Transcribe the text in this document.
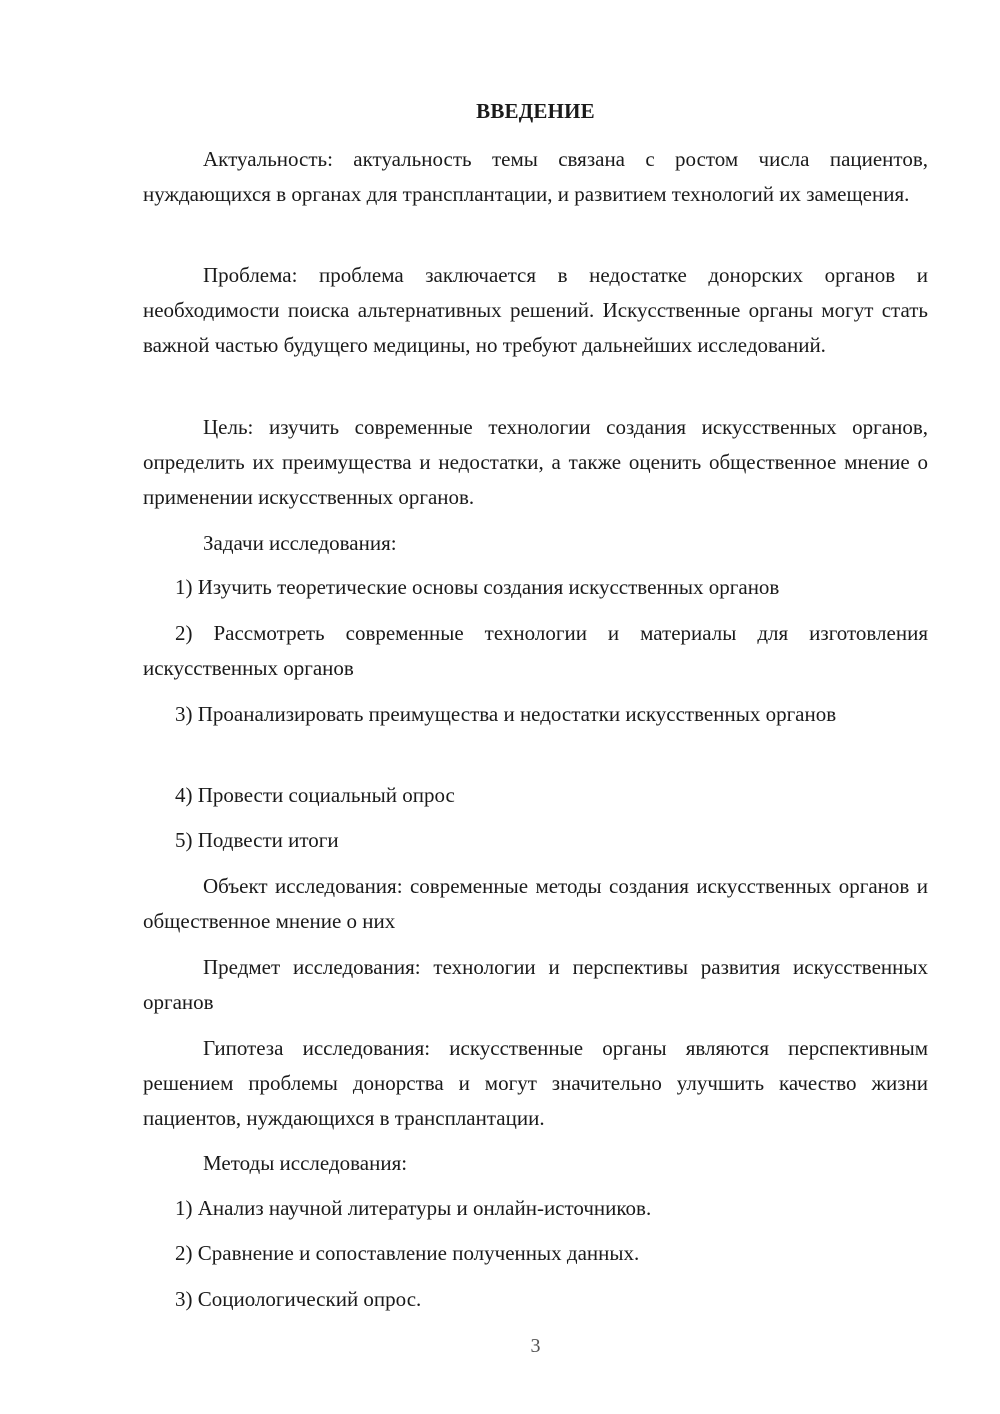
ВВЕДЕНИЕ

Актуальность: актуальность темы связана с ростом числа пациентов, нуждающихся в органах для трансплантации, и развитием технологий их замещения.

Проблема: проблема заключается в недостатке донорских органов и необходимости поиска альтернативных решений. Искусственные органы могут стать важной частью будущего медицины, но требуют дальнейших исследований.

Цель: изучить современные технологии создания искусственных органов, определить их преимущества и недостатки, а также оценить общественное мнение о применении искусственных органов.

Задачи исследования:

1) Изучить теоретические основы создания искусственных органов

2) Рассмотреть современные технологии и материалы для изготовления искусственных органов

3) Проанализировать преимущества и недостатки искусственных органов

4) Провести социальный опрос

5) Подвести итоги

Объект исследования: современные методы создания искусственных органов и общественное мнение о них

Предмет исследования: технологии и перспективы развития искусственных органов

Гипотеза исследования: искусственные органы являются перспективным решением проблемы донорства и могут значительно улучшить качество жизни пациентов, нуждающихся в трансплантации.

Методы исследования:

1) Анализ научной литературы и онлайн-источников.

2) Сравнение и сопоставление полученных данных.

3) Социологический опрос.

3
